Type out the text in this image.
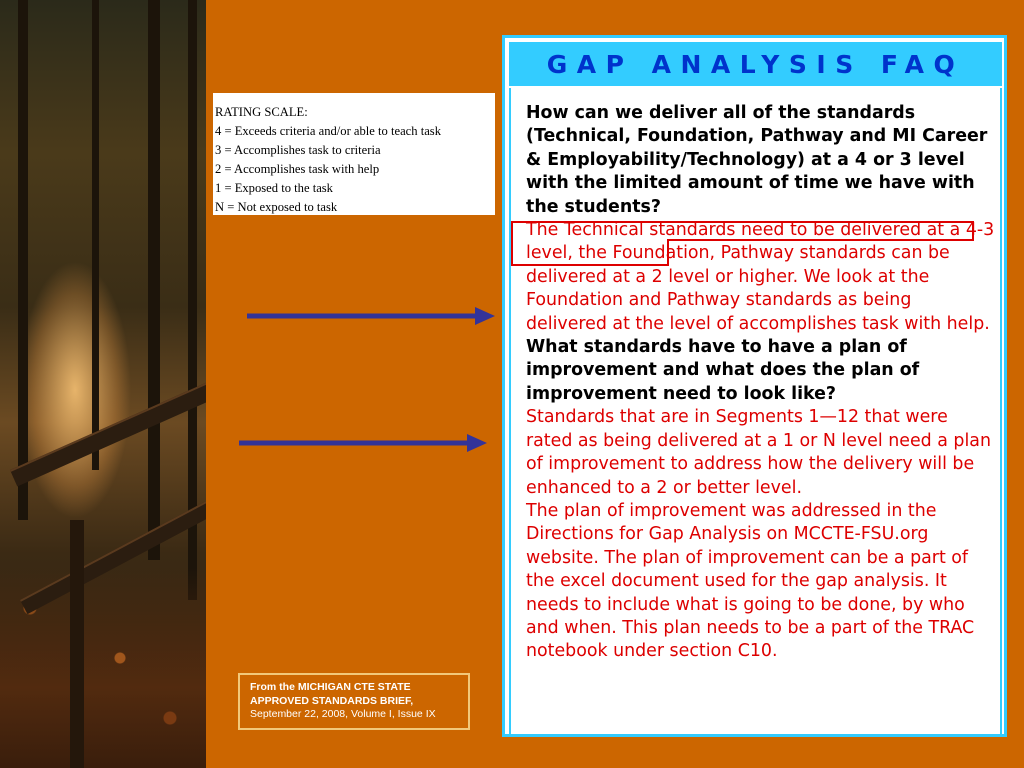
RATING SCALE:
4 = Exceeds criteria and/or able to teach task
3 = Accomplishes task to criteria
2 = Accomplishes task with help
1 = Exposed to the task
N = Not exposed to task
GAP ANALYSIS FAQ
How can we deliver all of the standards (Technical, Foundation, Pathway and MI Career & Employability/Technology) at a 4 or 3 level with the limited amount of time we have with the students?
The Technical standards need to be delivered at a 4-3 level, the Foundation, Pathway standards can be delivered at a 2 level or higher. We look at the Foundation and Pathway standards as being delivered at the level of accomplishes task with help.
What standards have to have a plan of improvement and what does the plan of improvement need to look like?
Standards that are in Segments 1—12 that were rated as being delivered at a 1 or N level need a plan of improvement to address how the delivery will be enhanced to a 2 or better level.
The plan of improvement was addressed in the Directions for Gap Analysis on MCCTE-FSU.org website. The plan of improvement can be a part of the excel document used for the gap analysis. It needs to include what is going to be done, by who and when. This plan needs to be a part of the TRAC notebook under section C10.
From the MICHIGAN CTE STATE
APPROVED STANDARDS BRIEF,
September 22, 2008, Volume I, Issue IX
